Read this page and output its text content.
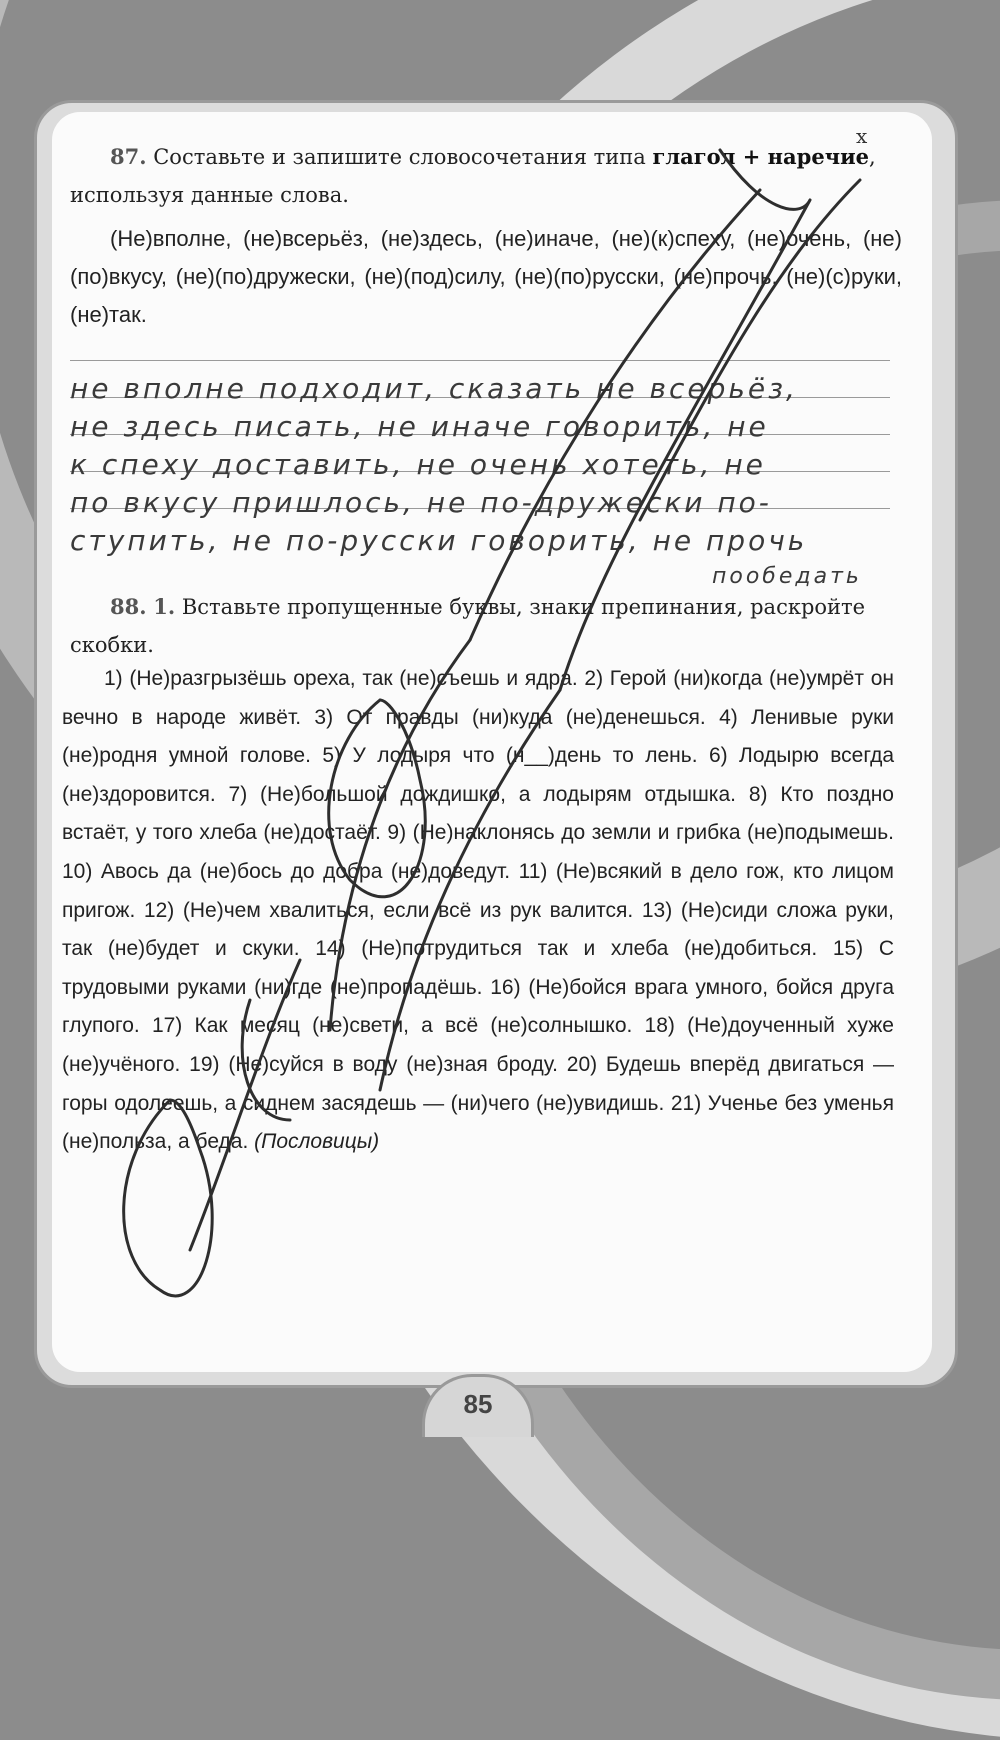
x
87. Составьте и запишите словосочетания типа глагол + наречие, используя данные слова.
(Не)вполне, (не)всерьёз, (не)здесь, (не)иначе, (не)(к)спеху, (не)очень, (не)(по)вкусу, (не)(по)дружески, (не)(под)силу, (не)(по)русски, (не)прочь, (не)(с)руки, (не)так.
не вполне подходит, сказать не всерьёз,
не здесь писать, не иначе говорить, не
к спеху доставить, не очень хотеть, не
по вкусу пришлось, не по-дружески по-
ступить, не по-русски говорить, не прочь
пообедать
88. 1. Вставьте пропущенные буквы, знаки препинания, раскройте скобки.
1) (Не)разгрызёшь ореха, так (не)съешь и ядра. 2) Герой (ни)когда (не)умрёт он вечно в народе живёт. 3) От правды (ни)куда (не)денешься. 4) Ленивые руки (не)родня умной голове. 5) У лодыря что (н__)день то лень. 6) Лодырю всегда (не)здоровится. 7) (Не)большой дождишко, а лодырям отдышка. 8) Кто поздно встаёт, у того хлеба (не)достаёт. 9) (Не)наклонясь до земли и грибка (не)подымешь. 10) Авось да (не)бось до добра (не)доведут. 11) (Не)всякий в дело гож, кто лицом пригож. 12) (Не)чем хвалиться, если всё из рук валится. 13) (Не)сиди сложа руки, так (не)будет и скуки. 14) (Не)потрудиться так и хлеба (не)добиться. 15) С трудовыми руками (ни)где (не)пропадёшь. 16) (Не)бойся врага умного, бойся друга глупого. 17) Как месяц (не)свети, а всё (не)солнышко. 18) (Не)доученный хуже (не)учёного. 19) (Не)суйся в воду (не)зная броду. 20) Будешь вперёд двигаться — горы одолеешь, а сиднем засядешь — (ни)чего (не)увидишь. 21) Ученье без уменья (не)польза, а беда. (Пословицы)
85
